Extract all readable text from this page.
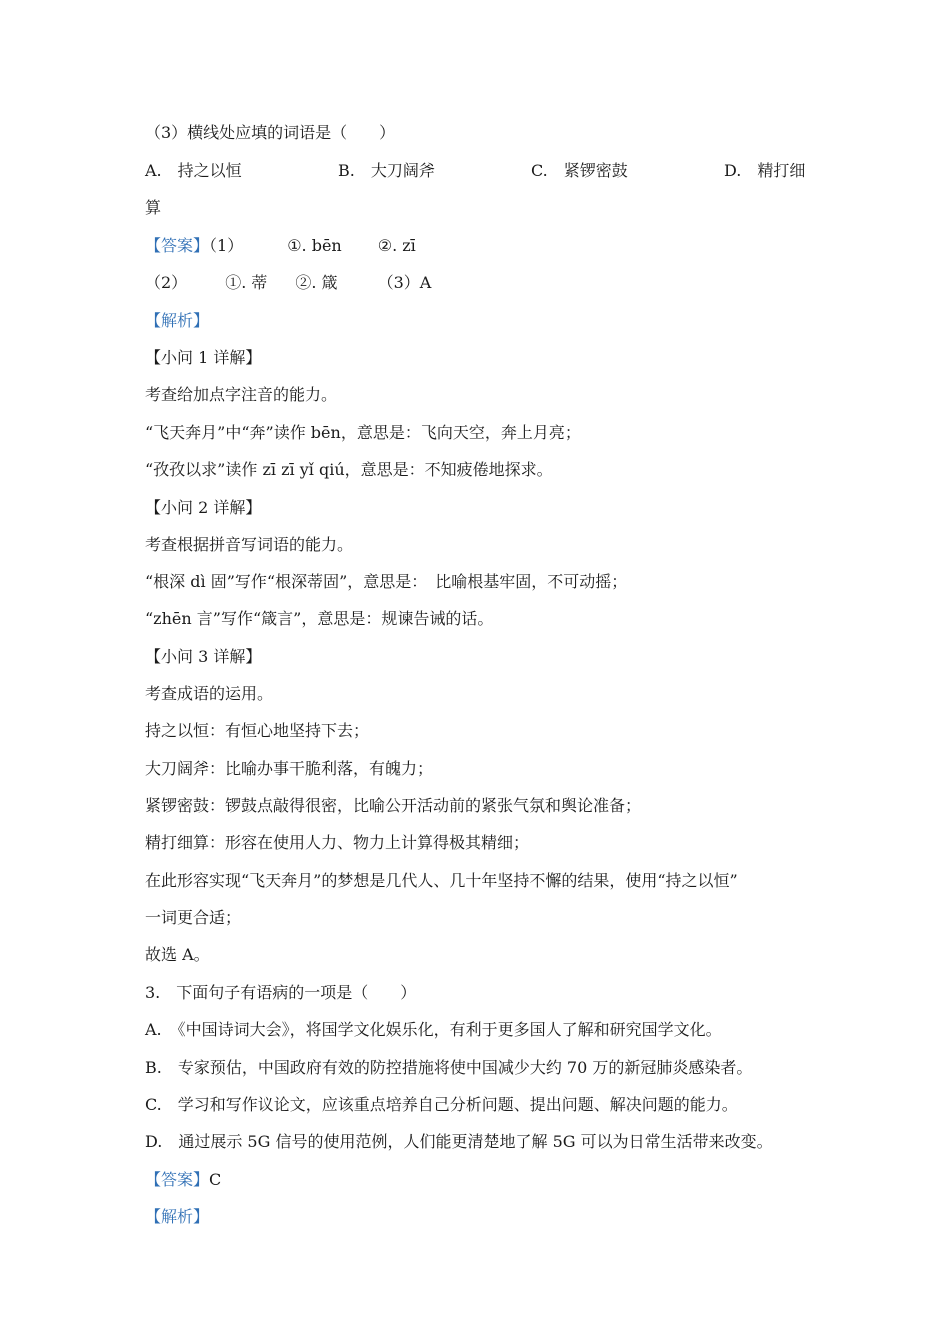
（3）横线处应填的词语是（　　）
A.　持之以恒	B.　大刀阔斧	C.　紧锣密鼓	D.　精打细
算
【答案】（1）	①. bēn ②. zī
（2） ①. 蒂 ②. 箴	（3）A
【解析】
【小问 1 详解】
考查给加点字注音的能力。
“飞天奔月”中“奔”读作 bēn，意思是：飞向天空，奔上月亮；
“孜孜以求”读作 zī zī yǐ qiú，意思是：不知疲倦地探求。
【小问 2 详解】
考查根据拼音写词语的能力。
“根深 dì 固”写作“根深蒂固”，意思是：　比喻根基牢固，不可动摇；
“zhēn 言”写作“箴言”，意思是：规谏告诫的话。
【小问 3 详解】
考查成语的运用。
持之以恒：有恒心地坚持下去；
大刀阔斧：比喻办事干脆利落，有魄力；
紧锣密鼓：锣鼓点敲得很密，比喻公开活动前的紧张气氛和舆论准备；
精打细算：形容在使用人力、物力上计算得极其精细；
在此形容实现“飞天奔月”的梦想是几代人、几十年坚持不懈的结果，使用“持之以恒”
一词更合适；
故选 A。
3.　下面句子有语病的一项是（　　）
A.　《中国诗词大会》，将国学文化娱乐化，有利于更多国人了解和研究国学文化。
B.　专家预估，中国政府有效的防控措施将使中国减少大约 70 万的新冠肺炎感染者。
C.　学习和写作议论文，应该重点培养自己分析问题、提出问题、解决问题的能力。
D.　通过展示 5G 信号的使用范例，人们能更清楚地了解 5G 可以为日常生活带来改变。
【答案】C
【解析】
